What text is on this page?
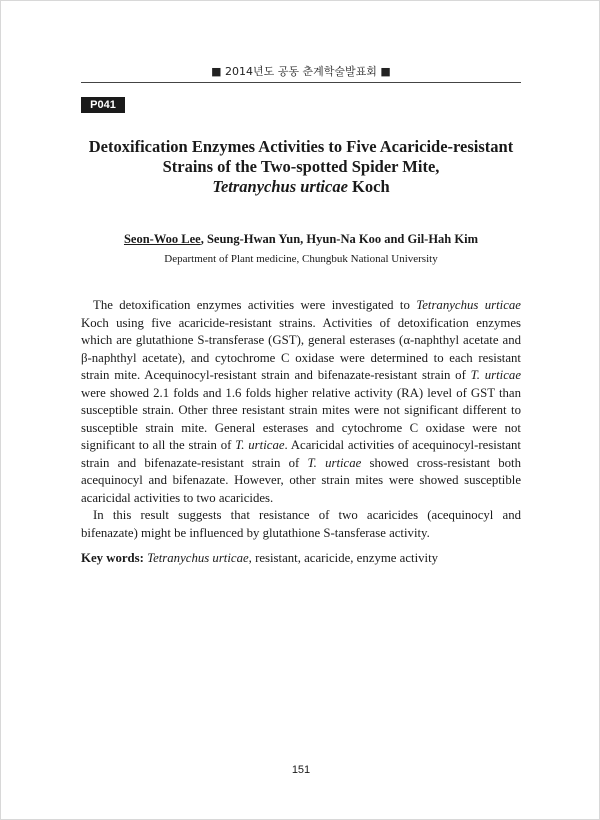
■ 2014년도 공동 춘계학술발표회 ■
P041
Detoxification Enzymes Activities to Five Acaricide-resistant
Strains of the Two-spotted Spider Mite,
Tetranychus urticae Koch
Seon-Woo Lee, Seung-Hwan Yun, Hyun-Na Koo and Gil-Hah Kim
Department of Plant medicine, Chungbuk National University

The detoxification enzymes activities were investigated to Tetranychus urticae Koch using five acaricide-resistant strains. Activities of detoxification enzymes which are glutathione S-transferase (GST), general esterases (α-naphthyl acetate and β-naphthyl acetate), and cytochrome C oxidase were determined to each resistant strain mite. Acequinocyl-resistant strain and bifenazate-resistant strain of T. urticae were showed 2.1 folds and 1.6 folds higher relative activity (RA) level of GST than susceptible strain. Other three resistant strain mites were not significant different to susceptible strain mite. General esterases and cytochrome C oxidase were not significant to all the strain of T. urticae. Acaricidal activities of acequinocyl-resistant strain and bifenazate-resistant strain of T. urticae showed cross-resistant both acequinocyl and bifenazate. However, other strain mites were showed susceptible acaricidal activities to two acaricides.

In this result suggests that resistance of two acaricides (acequinocyl and bifenazate) might be influenced by glutathione S-tansferase activity.

Key words: Tetranychus urticae, resistant, acaricide, enzyme activity
151
